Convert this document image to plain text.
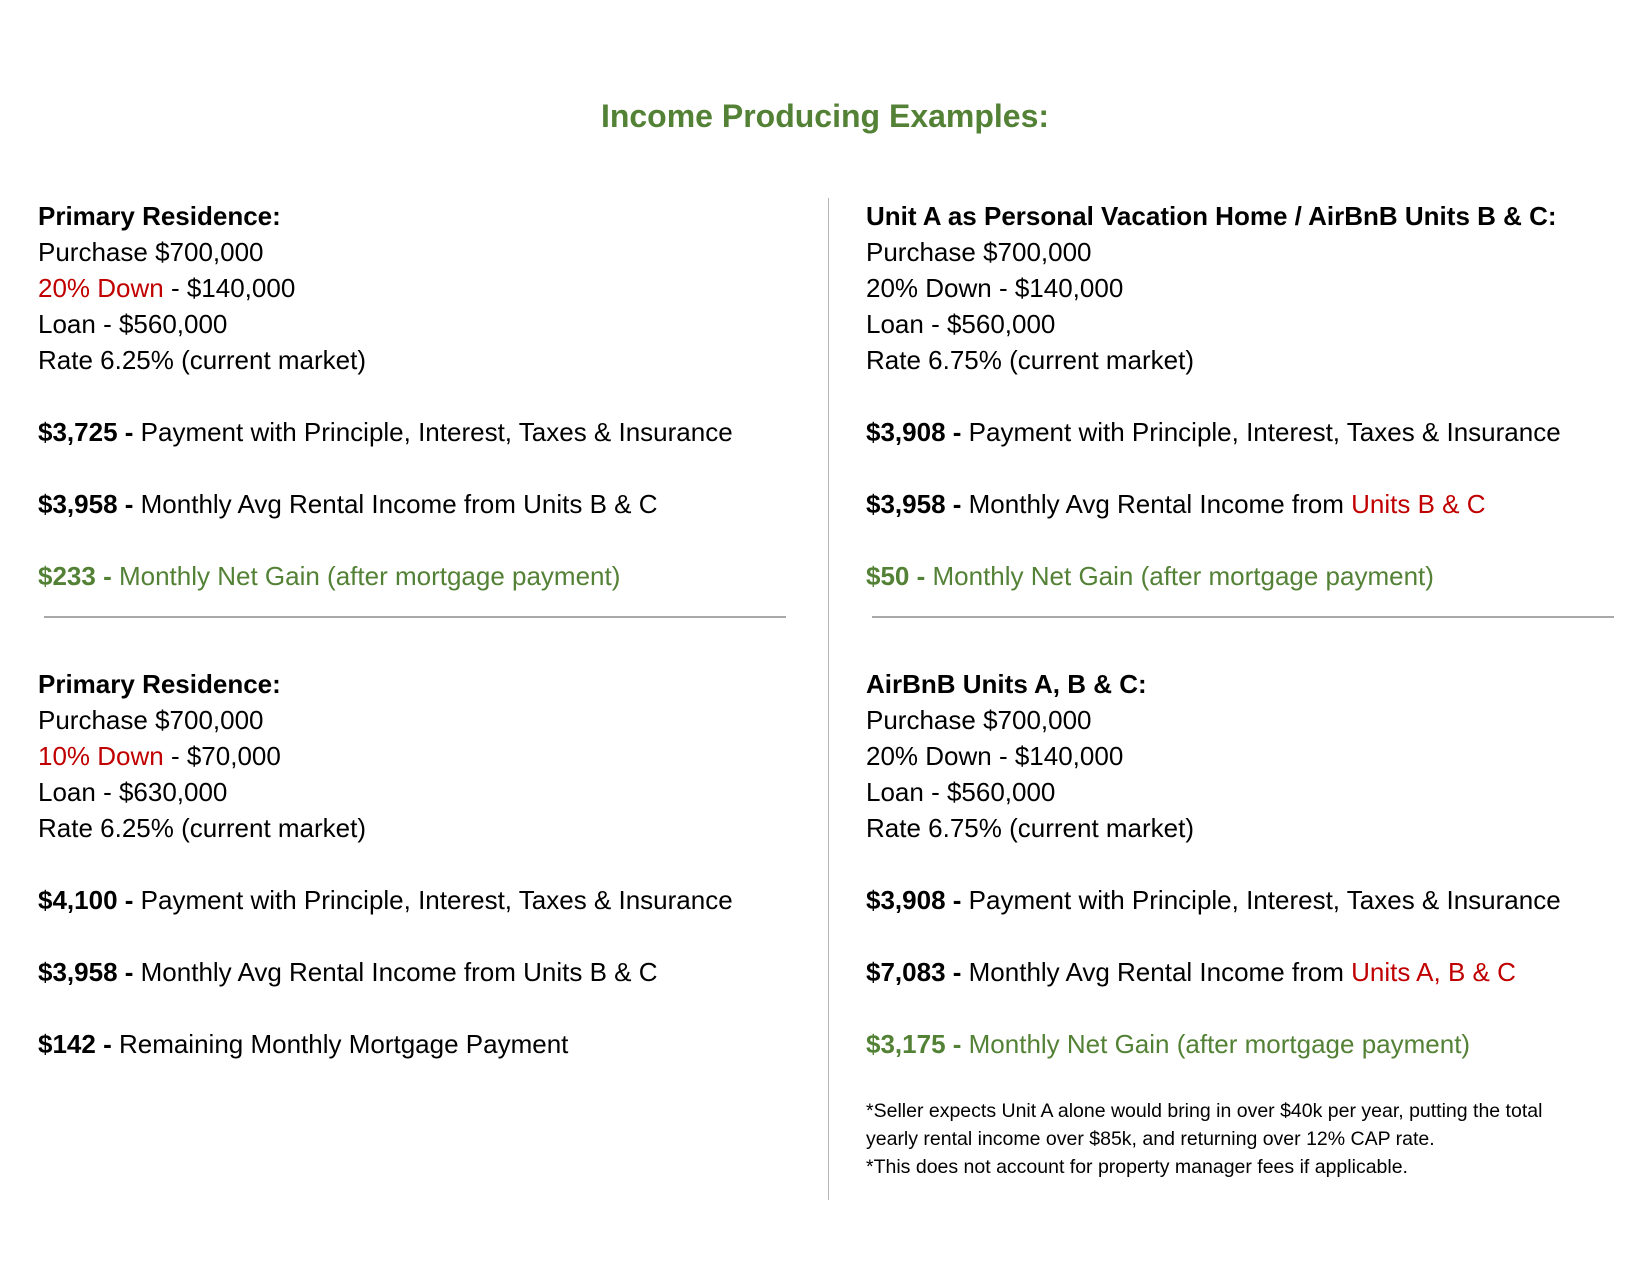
Income Producing Examples:
Primary Residence:
Purchase $700,000
20% Down - $140,000
Loan - $560,000
Rate 6.25% (current market)
$3,725 - Payment with Principle, Interest, Taxes & Insurance
$3,958 - Monthly Avg Rental Income from Units B & C
$233 - Monthly Net Gain (after mortgage payment)
Unit A as Personal Vacation Home / AirBnB Units B & C:
Purchase $700,000
20% Down - $140,000
Loan - $560,000
Rate 6.75% (current market)
$3,908 - Payment with Principle, Interest, Taxes & Insurance
$3,958 - Monthly Avg Rental Income from Units B & C
$50 - Monthly Net Gain (after mortgage payment)
Primary Residence:
Purchase $700,000
10% Down - $70,000
Loan - $630,000
Rate 6.25% (current market)
$4,100 - Payment with Principle, Interest, Taxes & Insurance
$3,958 - Monthly Avg Rental Income from Units B & C
$142 - Remaining Monthly Mortgage Payment
AirBnB Units A, B & C:
Purchase $700,000
20% Down - $140,000
Loan - $560,000
Rate 6.75% (current market)
$3,908 - Payment with Principle, Interest, Taxes & Insurance
$7,083 - Monthly Avg Rental Income from Units A, B & C
$3,175 - Monthly Net Gain (after mortgage payment)
*Seller expects Unit A alone would bring in over $40k per year, putting the total
yearly rental income over $85k, and returning over 12% CAP rate.
*This does not account for property manager fees if applicable.
